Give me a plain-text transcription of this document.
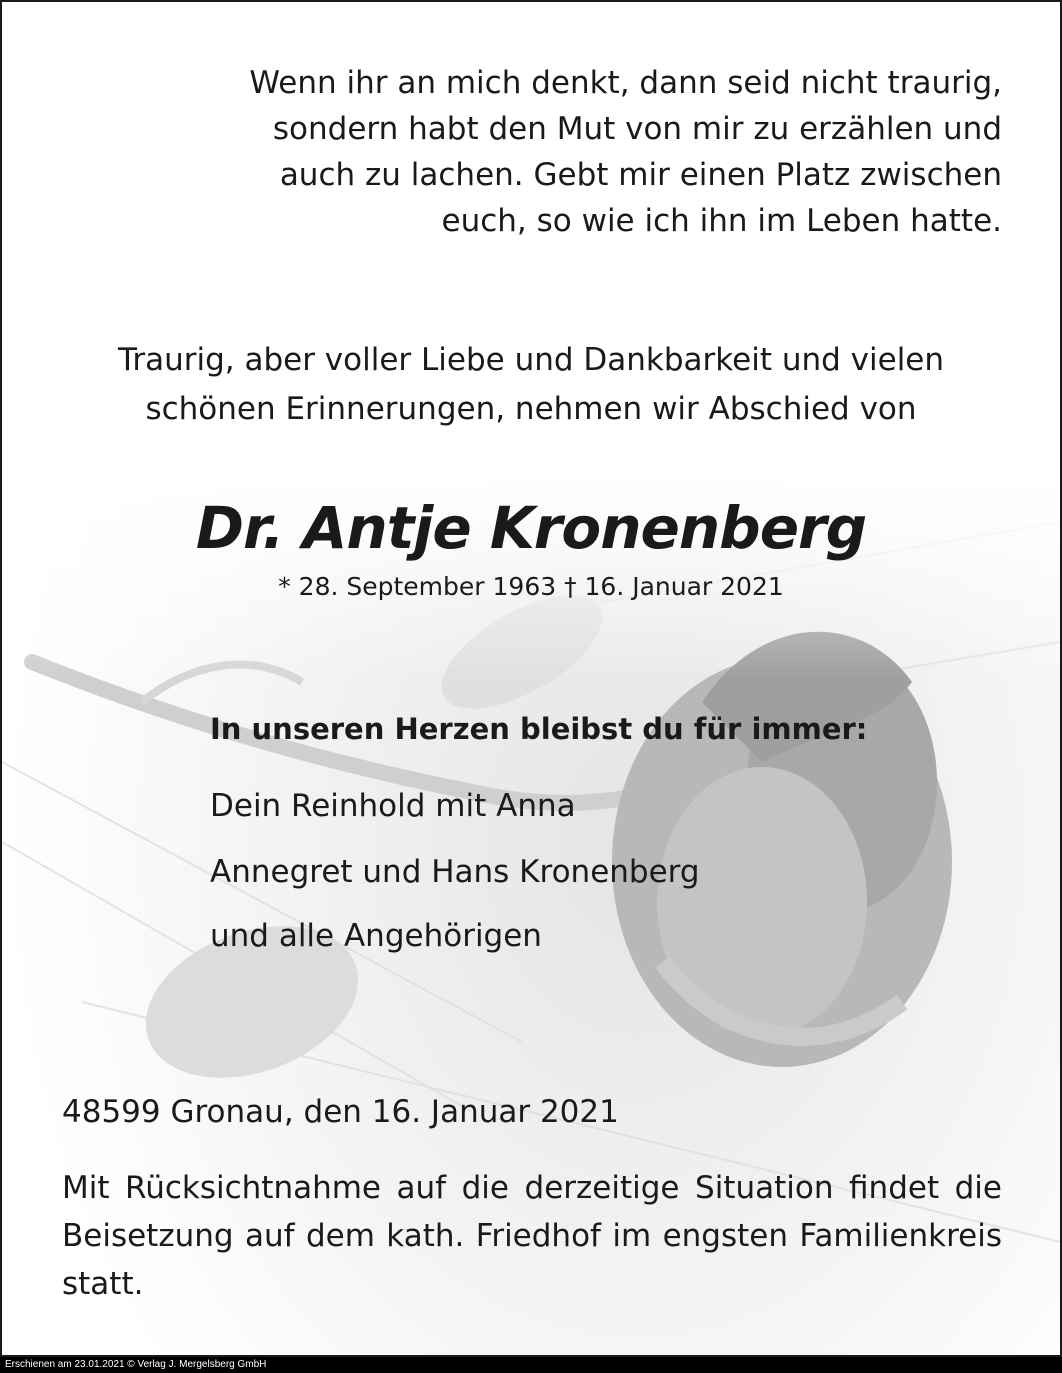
Wenn ihr an mich denkt, dann seid nicht traurig,
sondern habt den Mut von mir zu erzählen und
auch zu lachen. Gebt mir einen Platz zwischen
euch, so wie ich ihn im Leben hatte.
Traurig, aber voller Liebe und Dankbarkeit und vielen
schönen Erinnerungen, nehmen wir Abschied von
Dr. Antje Kronenberg
* 28. September 1963 † 16. Januar 2021
In unseren Herzen bleibst du für immer:
Dein Reinhold mit Anna
Annegret und Hans Kronenberg
und alle Angehörigen
48599 Gronau, den 16. Januar 2021
Mit Rücksichtnahme auf die derzeitige Situation findet die Beisetzung auf dem kath. Friedhof im engsten Familienkreis statt.
Erschienen am 23.01.2021 © Verlag J. Mergelsberg GmbH
